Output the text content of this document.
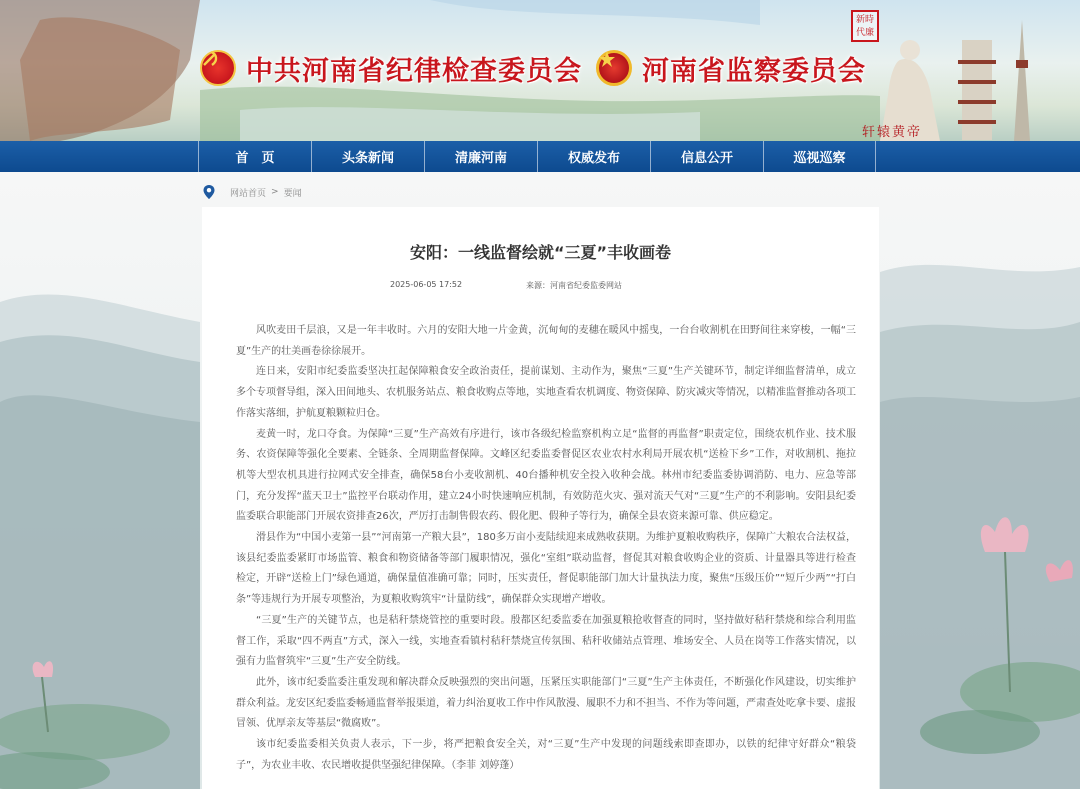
中共河南省纪律检查委员会 河南省监察委员会
新時代廉
轩辕黄帝
首　页	头条新闻	清廉河南	权威发布	信息公开	巡视巡察
网站首页 > 要闻
安阳：一线监督绘就“三夏”丰收画卷
2025-06-05 17:52	来源：河南省纪委监委网站

风吹麦田千层浪，又是一年丰收时。六月的安阳大地一片金黄，沉甸甸的麦穗在暖风中摇曳，一台台收割机在田野间往来穿梭，一幅“三夏”生产的壮美画卷徐徐展开。

连日来，安阳市纪委监委坚决扛起保障粮食安全政治责任，提前谋划、主动作为，聚焦“三夏”生产关键环节，制定详细监督清单，成立多个专项督导组，深入田间地头、农机服务站点、粮食收购点等地，实地查看农机调度、物资保障、防灾减灾等情况，以精准监督推动各项工作落实落细，护航夏粮颗粒归仓。

麦黄一时，龙口夺食。为保障“三夏”生产高效有序进行，该市各级纪检监察机构立足“监督的再监督”职责定位，围绕农机作业、技术服务、农资保障等强化全要素、全链条、全周期监督保障。文峰区纪委监委督促区农业农村水利局开展农机“送检下乡”工作，对收割机、拖拉机等大型农机具进行拉网式安全排查，确保58台小麦收割机、40台播种机安全投入收种会战。林州市纪委监委协调消防、电力、应急等部门，充分发挥“蓝天卫士”监控平台联动作用，建立24小时快速响应机制，有效防范火灾、强对流天气对“三夏”生产的不利影响。安阳县纪委监委联合职能部门开展农资排查26次，严厉打击制售假农药、假化肥、假种子等行为，确保全县农资来源可靠、供应稳定。

滑县作为“中国小麦第一县”“河南第一产粮大县”，180多万亩小麦陆续迎来成熟收获期。为维护夏粮收购秩序，保障广大粮农合法权益，该县纪委监委紧盯市场监管、粮食和物资储备等部门履职情况，强化“室组”联动监督，督促其对粮食收购企业的资质、计量器具等进行检查检定，开辟“送检上门”绿色通道，确保量值准确可靠；同时，压实责任，督促职能部门加大计量执法力度，聚焦“压级压价”“短斤少两”“打白条”等违规行为开展专项整治，为夏粮收购筑牢“计量防线”，确保群众实现增产增收。

“三夏”生产的关键节点，也是秸秆禁烧管控的重要时段。殷都区纪委监委在加强夏粮抢收督查的同时，坚持做好秸秆禁烧和综合利用监督工作，采取“四不两直”方式，深入一线，实地查看镇村秸秆禁烧宣传氛围、秸秆收储站点管理、堆场安全、人员在岗等工作落实情况，以强有力监督筑牢“三夏”生产安全防线。

此外，该市纪委监委注重发现和解决群众反映强烈的突出问题，压紧压实职能部门“三夏”生产主体责任，不断强化作风建设，切实维护群众利益。龙安区纪委监委畅通监督举报渠道，着力纠治夏收工作中作风散漫、履职不力和不担当、不作为等问题，严肃查处吃拿卡要、虚报冒领、优厚亲友等基层“微腐败”。

该市纪委监委相关负责人表示，下一步，将严把粮食安全关，对“三夏”生产中发现的问题线索即查即办，以铁的纪律守好群众“粮袋子”，为农业丰收、农民增收提供坚强纪律保障。（李菲 刘婷蓬）
